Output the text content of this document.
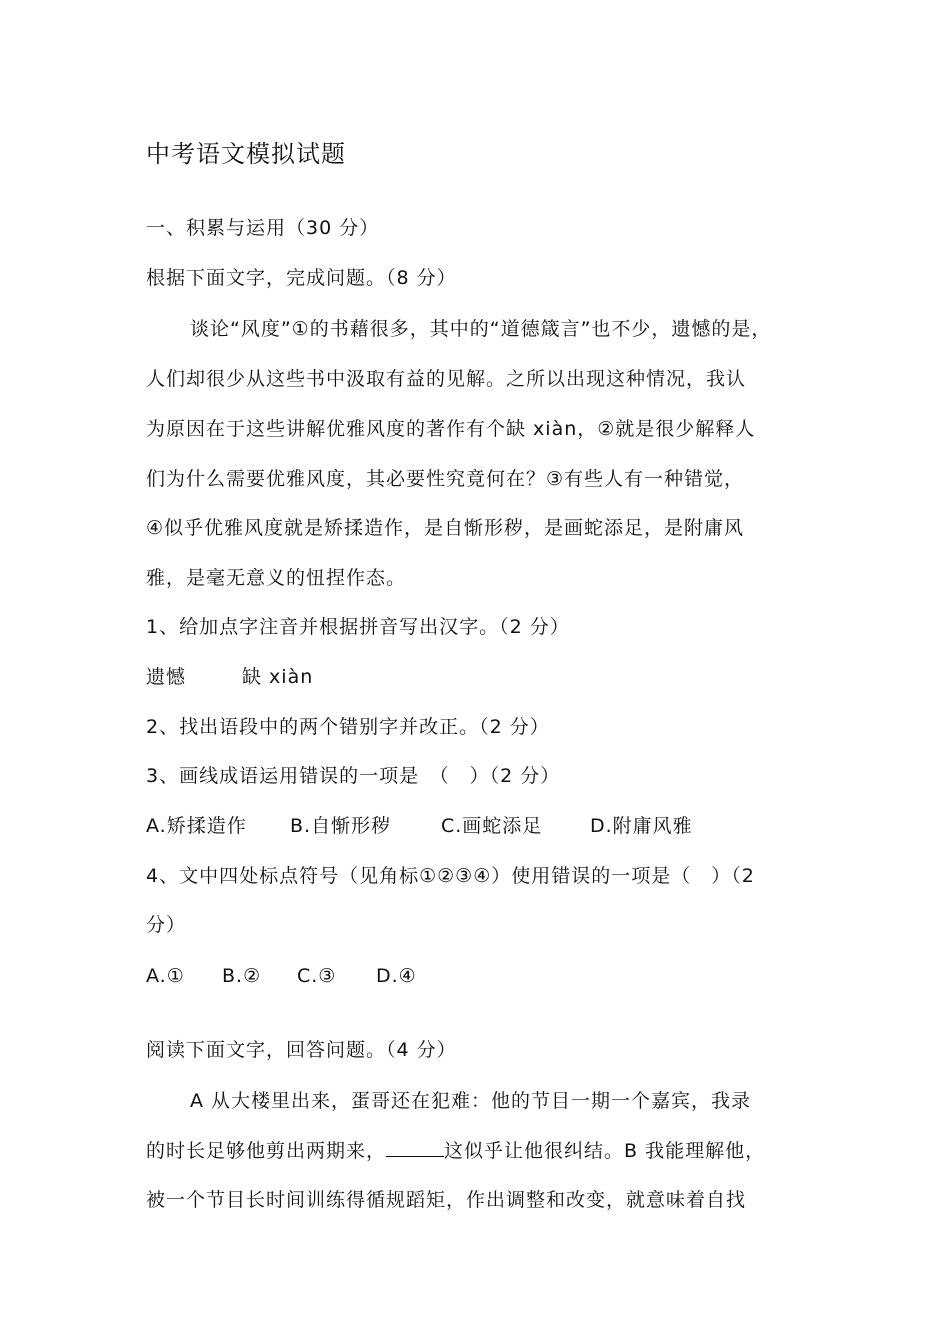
中考语文模拟试题
一、积累与运用（30 分）
根据下面文字，完成问题。（8 分）
谈论“风度”①的书藉很多，其中的“道德箴言”也不少，遗憾的是，
人们却很少从这些书中汲取有益的见解。之所以出现这种情况，我认
为原因在于这些讲解优雅风度的著作有个缺 xiàn，②就是很少解释人
们为什么需要优雅风度，其必要性究竟何在？③有些人有一种错觉，
④似乎优雅风度就是矫揉造作，是自惭形秽，是画蛇添足，是附庸风
雅，是毫无意义的忸捏作态。
1、给加点字注音并根据拼音写出汉字。（2 分）
遗憾	缺 xiàn
2、找出语段中的两个错别字并改正。（2 分）
3、画线成语运用错误的一项是　（　）（2 分）
A.矫揉造作 B.自惭形秽	C.画蛇添足	D.附庸风雅
4、文中四处标点符号（见角标①②③④）使用错误的一项是（　）（2
分）
A.① B.② C.③ D.④
阅读下面文字，回答问题。（4 分）
A 从大楼里出来，蛋哥还在犯难：他的节目一期一个嘉宾，我录
的时长足够他剪出两期来，	这似乎让他很纠结。B 我能理解他，
被一个节目长时间训练得循规蹈矩，作出调整和改变，就意味着自找
